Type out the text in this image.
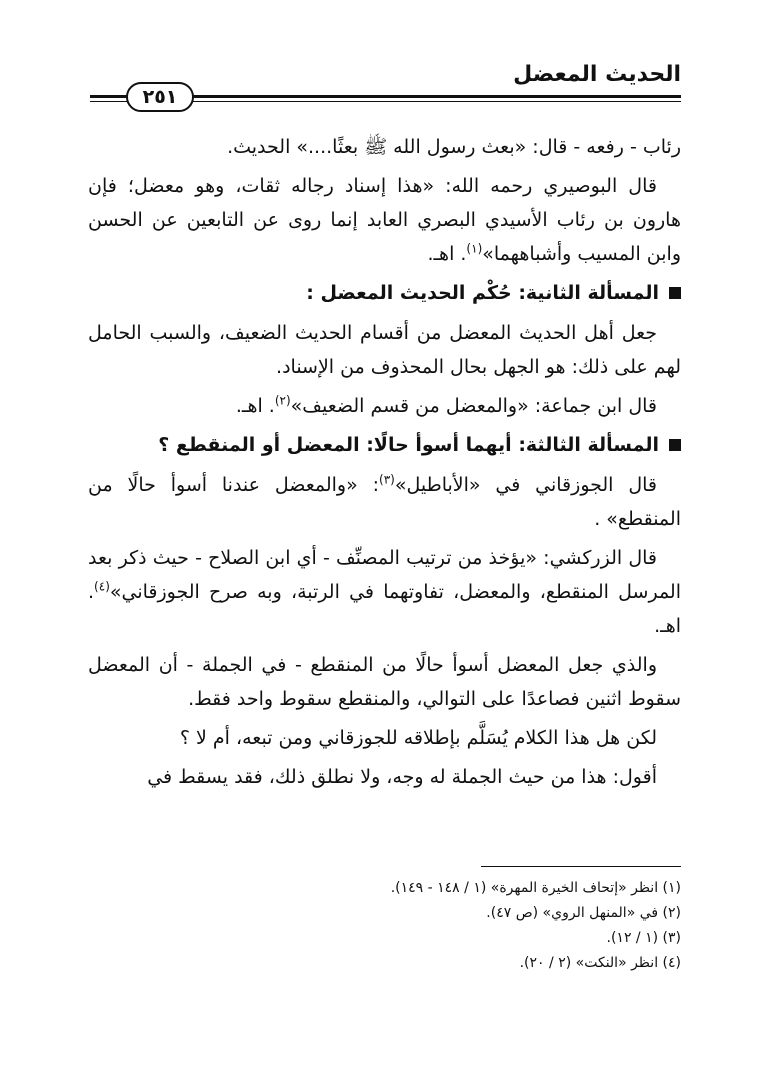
الحديث المعضل
٢٥١

رئاب - رفعه - قال: «بعث رسول الله ﷺ بعثًا....» الحديث.

قال البوصيري رحمه الله: «هذا إسناد رجاله ثقات، وهو معضل؛ فإن هارون بن رئاب الأسيدي البصري العابد إنما روى عن التابعين عن الحسن وابن المسيب وأشباههما»$^{(١)}$. اهـ.

المسألة الثانية: حُكْم الحديث المعضل :

جعل أهل الحديث المعضل من أقسام الحديث الضعيف، والسبب الحامل لهم على ذلك: هو الجهل بحال المحذوف من الإسناد.

قال ابن جماعة: «والمعضل من قسم الضعيف»$^{(٢)}$. اهـ.

المسألة الثالثة: أيهما أسوأ حالًا: المعضل أو المنقطع ؟

قال الجوزقاني في «الأباطيل»$^{(٣)}$: «والمعضل عندنا أسوأ حالًا من المنقطع» .

قال الزركشي: «يؤخذ من ترتيب المصنِّف - أي ابن الصلاح - حيث ذكر بعد المرسل المنقطع، والمعضل، تفاوتهما في الرتبة، وبه صرح الجوزقاني»$^{(٤)}$. اهـ.

والذي جعل المعضل أسوأ حالًا من المنقطع - في الجملة - أن المعضل سقوط اثنين فصاعدًا على التوالي، والمنقطع سقوط واحد فقط.

لكن هل هذا الكلام يُسَلَّم بإطلاقه للجوزقاني ومن تبعه، أم لا ؟

أقول: هذا من حيث الجملة له وجه، ولا نطلق ذلك، فقد يسقط في

(١) انظر «إتحاف الخيرة المهرة» (١ / ١٤٨ - ١٤٩).
(٢) في «المنهل الروي» (ص ٤٧).
(٣) (١ / ١٢).
(٤) انظر «النكت» (٢ / ٢٠).
